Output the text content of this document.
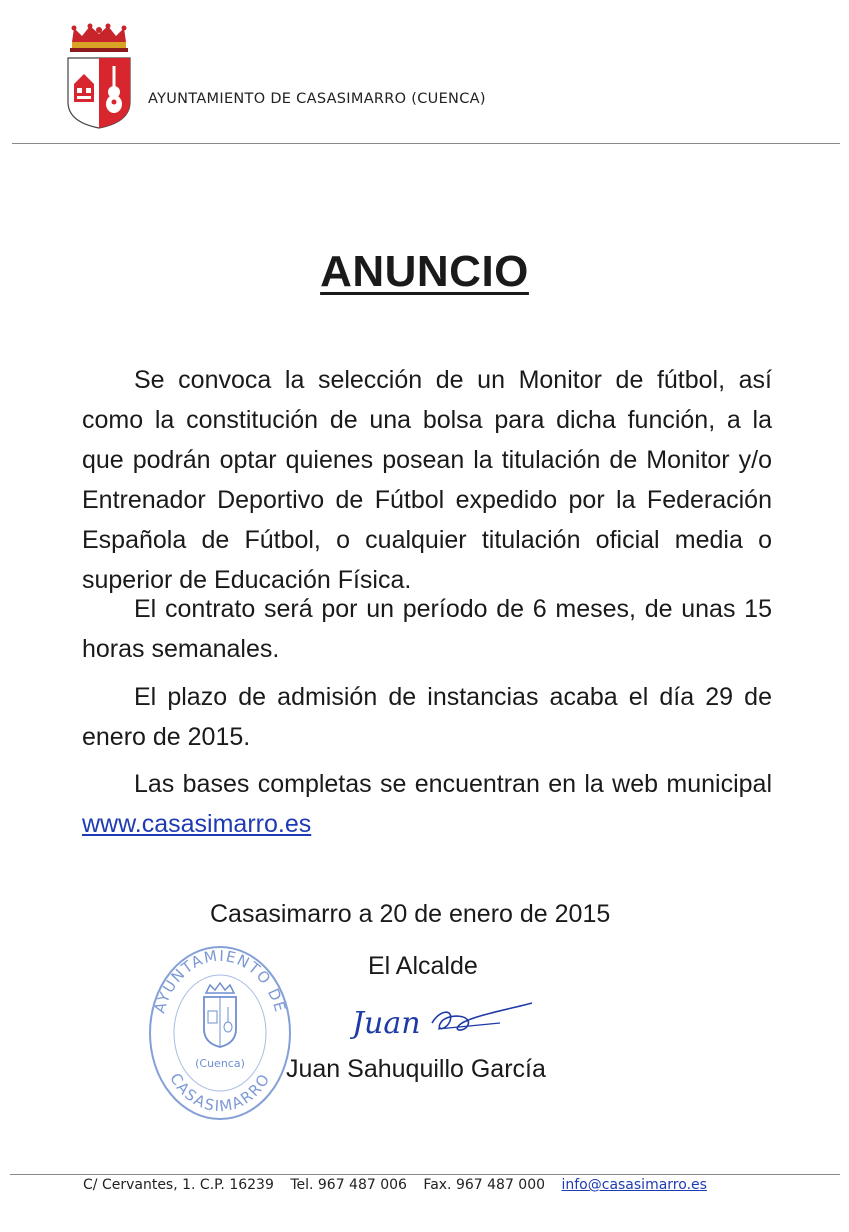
AYUNTAMIENTO DE CASASIMARRO (CUENCA)
ANUNCIO

Se convoca la selección de un Monitor de fútbol, así como la constitución de una bolsa para dicha función, a la que podrán optar quienes posean la titulación de Monitor y/o Entrenador Deportivo de Fútbol expedido por la Federación Española de Fútbol, o cualquier titulación oficial media o superior de Educación Física.

El contrato será por un período de 6 meses, de unas 15 horas semanales.

El plazo de admisión de instancias acaba el día 29 de enero de 2015.

Las bases completas se encuentran en la web municipal www.casasimarro.es

Casasimarro a 20 de enero de 2015
El Alcalde
AYUNTAMIENTO DE
CASASIMARRO
(Cuenca)
Juan
Juan Sahuquillo García
C/ Cervantes, 1. C.P. 16239 Tel. 967 487 006 Fax. 967 487 000 info@casasimarro.es
